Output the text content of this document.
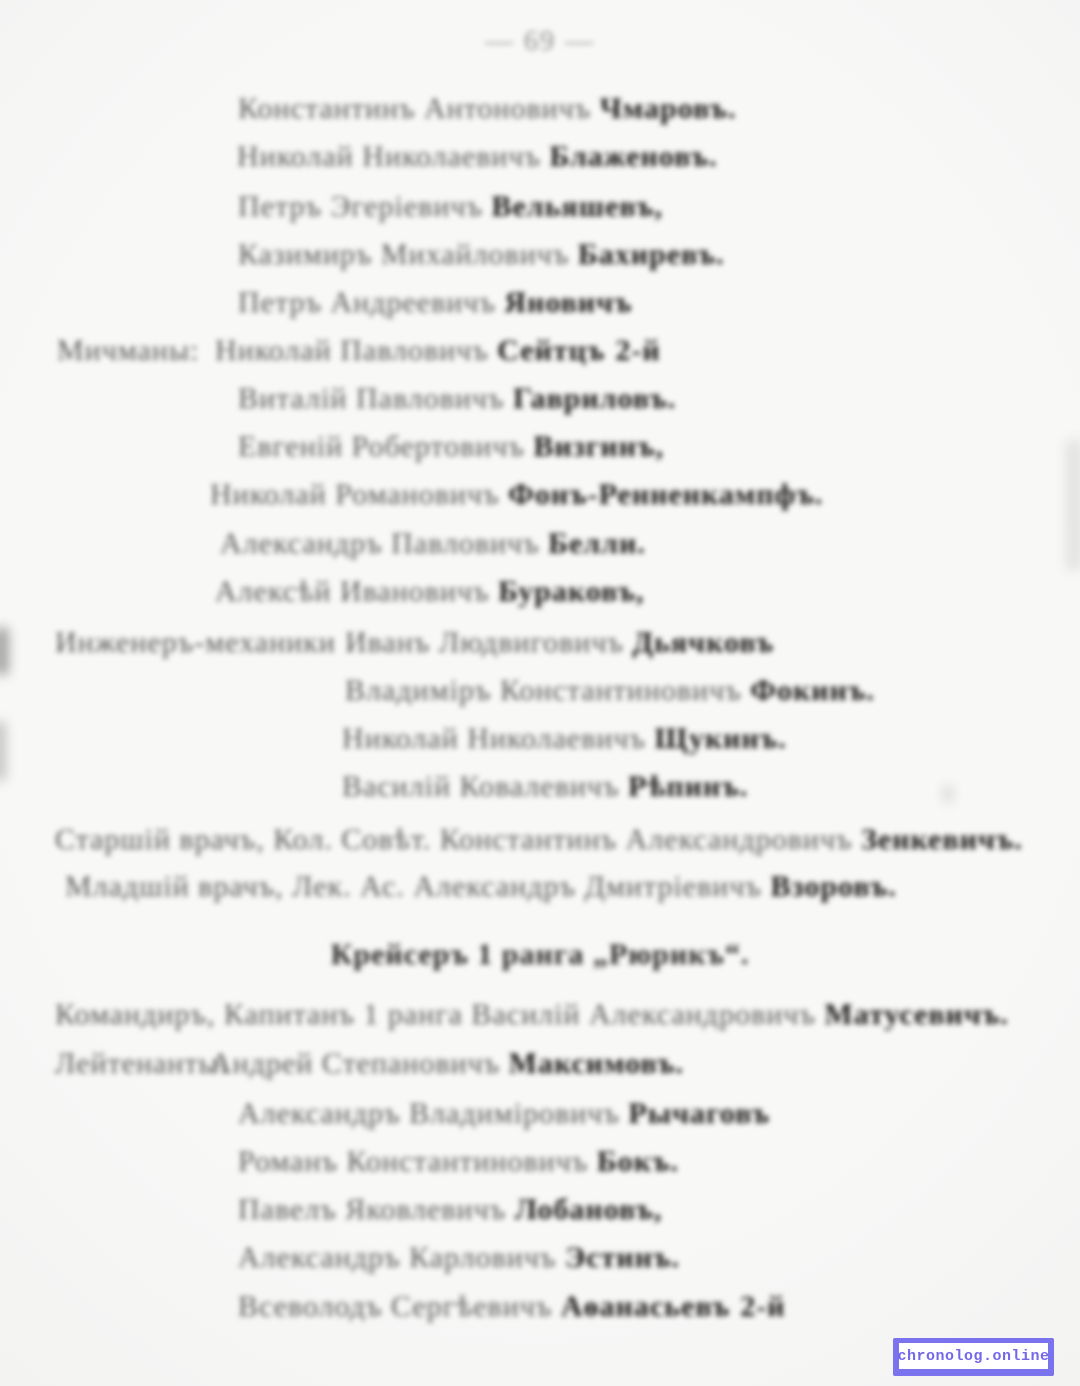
— 69 —
Константинъ Антоновичъ Чмаровъ.
Николай Николаевичъ Блаженовъ.
Петръ Эгеріевичъ Вельяшевъ,
Казимиръ Михайловичъ Бахиревъ.
Петръ Андреевичъ Яновичъ
Мичманы: Николай Павловичъ Сейтцъ 2-й
Виталій Павловичъ Гавриловъ.
Евгеній Робертовичъ Визгинъ,
Николай Романовичъ Фонъ-Ренненкампфъ.
Александръ Павловичъ Белли.
Алексѣй Ивановичъ Бураковъ,
Инженеръ-механики Иванъ Людвиговичъ Дьячковъ
Владиміръ Константиновичъ Фокинъ.
Николай Николаевичъ Щукинъ.
Василій Ковалевичъ Рѣпинъ.
Старшій врачъ, Кол. Совѣт. Константинъ Александровичъ Зенкевичъ.
Младшій врачъ, Лек. Ас. Александръ Дмитріевичъ Взоровъ.
Крейсеръ 1 ранга „Рюрикъ“.
Командиръ, Капитанъ 1 ранга Василій Александровичъ Матусевичъ.
Лейтенанты:
Андрей Степановичъ Максимовъ.
Александръ Владиміровичъ Рычаговъ
Романъ Константиновичъ Бокъ.
Павелъ Яковлевичъ Лобановъ,
Александръ Карловичъ Эстинъ.
Всеволодъ Сергѣевичъ Аѳанасьевъ 2-й
chronolog.online
